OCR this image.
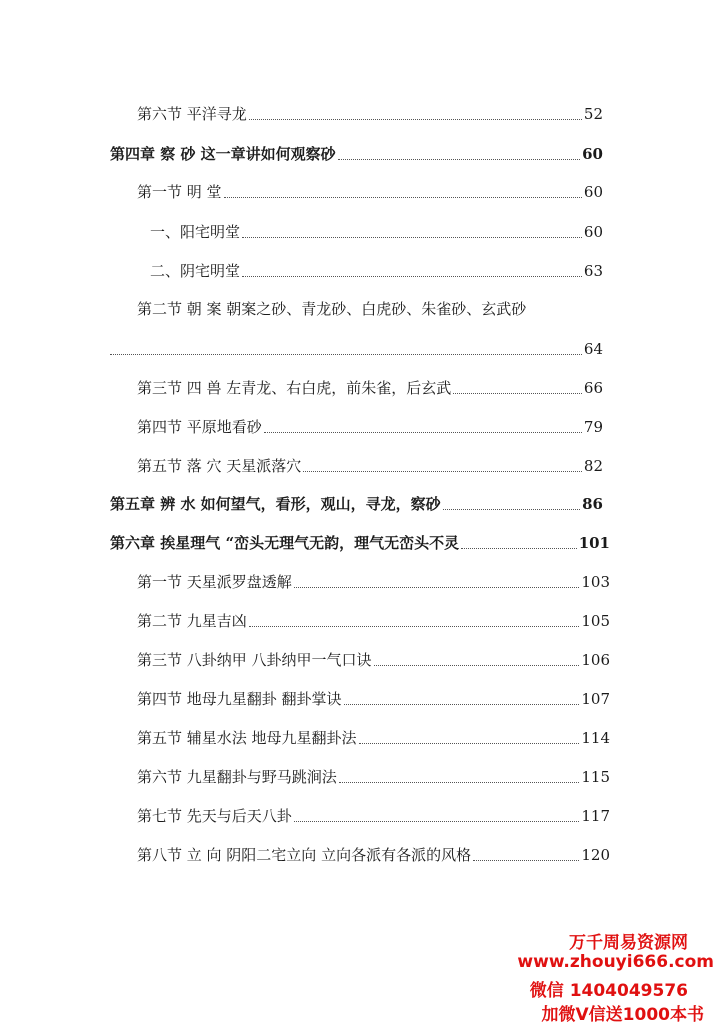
第六节 平洋寻龙	52
第四章 察 砂 这一章讲如何观察砂	60
第一节 明 堂	60
一、阳宅明堂	60
二、阴宅明堂	63
第二节 朝 案 朝案之砂、青龙砂、白虎砂、朱雀砂、玄武砂
64
第三节 四 兽 左青龙、右白虎，前朱雀，后玄武	66
第四节 平原地看砂	79
第五节 落 穴 天星派落穴	82
第五章 辨 水 如何望气，看形，观山，寻龙，察砂	86
第六章 挨星理气 “峦头无理气无韵，理气无峦头不灵	101
第一节 天星派罗盘透解	103
第二节 九星吉凶	105
第三节 八卦纳甲 八卦纳甲一气口诀	106
第四节 地母九星翻卦 翻卦掌诀	107
第五节 辅星水法 地母九星翻卦法	114
第六节 九星翻卦与野马跳涧法	115
第七节 先天与后天八卦	117
第八节 立 向 阴阳二宅立向 立向各派有各派的风格	120
万千周易资源网
www.zhouyi666.com
微信 1404049576
加微V信送1000本书
